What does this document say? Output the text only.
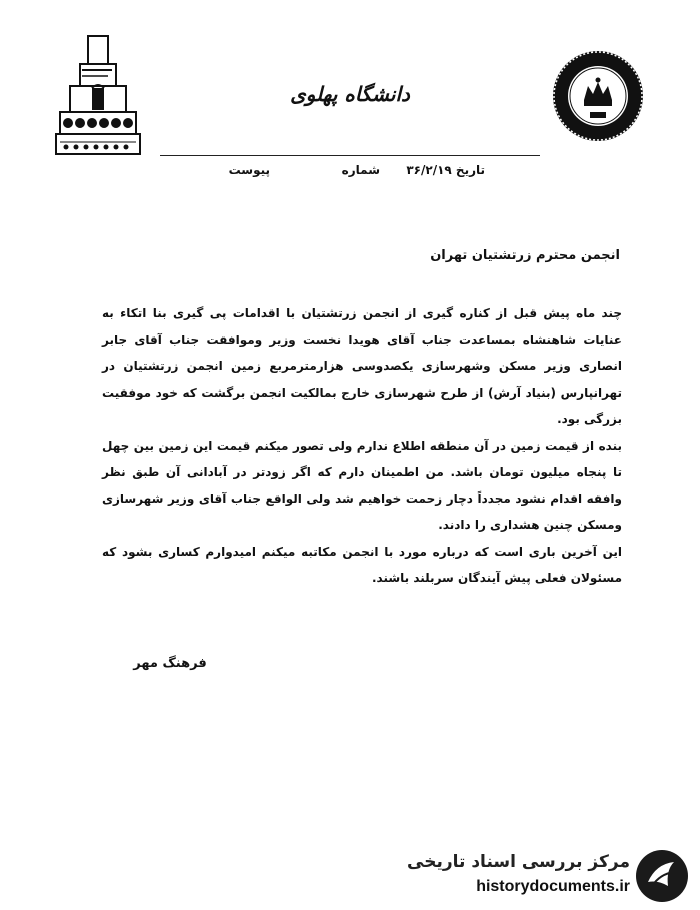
دانشگاه پهلوی
تاریخ ۳۶/۲/۱۹
شماره
پیوست
انجمن محترم زرتشتیان تهران

چند ماه پیش قبل از کناره گیری از انجمن زرتشتیان با اقدامات پی گیری بنا اتکاء به عنایات شاهنشاه بمساعدت جناب آقای هویدا نخست وزیر وموافقت جناب آقای جابر انصاری وزیر مسکن وشهرسازی یکصدوسی هزارمترمربع زمین انجمن زرتشتیان در تهرانپارس (بنیاد آرش) از طرح شهرسازی خارج بمالکیت انجمن برگشت که خود موفقیت بزرگی بود.

بنده از قیمت زمین در آن منطقه اطلاع ندارم ولی تصور میکنم قیمت این زمین بین چهل تا پنجاه میلیون تومان باشد. من اطمینان دارم که اگر زودتر در آبادانی آن طبق نظر وافقه اقدام نشود مجدداً دچار زحمت خواهیم شد ولی الواقع جناب آقای وزیر شهرسازی ومسکن چنین هشداری را دادند.

این آخرین باری است که درباره مورد با انجمن مکاتبه میکنم امیدوارم کساری بشود که مسئولان فعلی پیش آیندگان سربلند باشند.

فرهنگ مهر
مرکز بررسی اسناد تاریخی
historydocuments.ir
